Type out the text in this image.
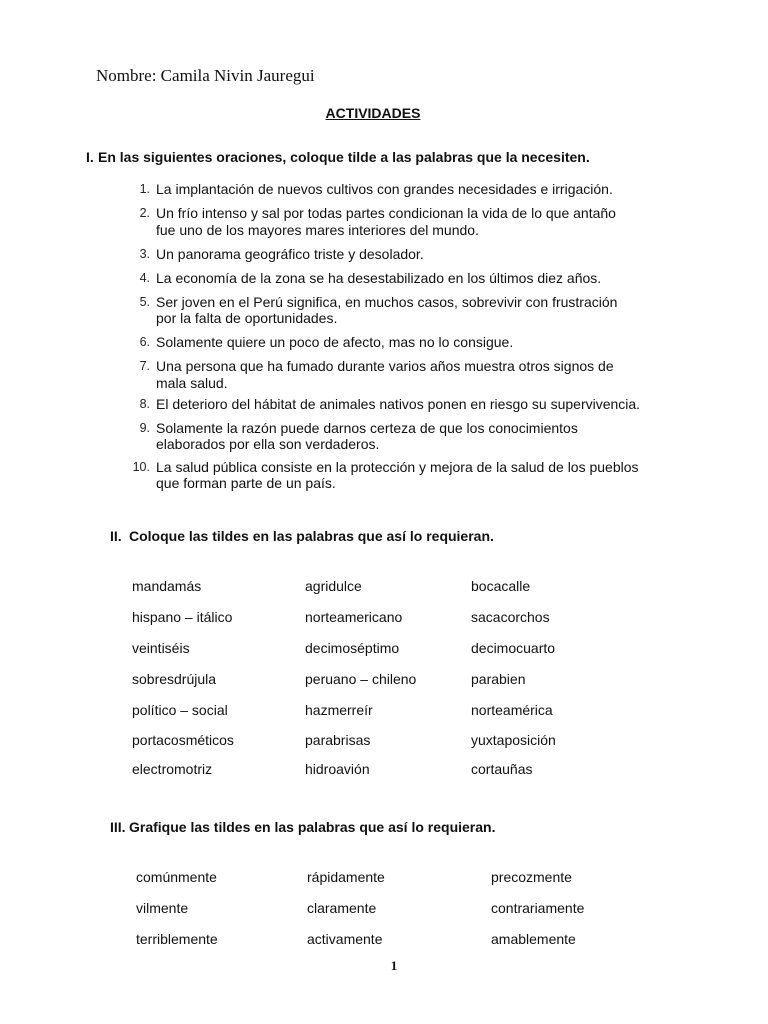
Nombre: Camila Nivin Jauregui
ACTIVIDADES
I. En las siguientes oraciones, coloque tilde a las palabras que la necesiten.
1. La implantación de nuevos cultivos con grandes necesidades e irrigación.
2. Un frío intenso y sal por todas partes condicionan la vida de lo que antaño
fue uno de los mayores mares interiores del mundo.
3. Un panorama geográfico triste y desolador.
4. La economía de la zona se ha desestabilizado en los últimos diez años.
5. Ser joven en el Perú significa, en muchos casos, sobrevivir con frustración
por la falta de oportunidades.
6. Solamente quiere un poco de afecto, mas no lo consigue.
7. Una persona que ha fumado durante varios años muestra otros signos de
mala salud.
8. El deterioro del hábitat de animales nativos ponen en riesgo su supervivencia.
9. Solamente la razón puede darnos certeza de que los conocimientos
elaborados por ella son verdaderos.
10. La salud pública consiste en la protección y mejora de la salud de los pueblos
que forman parte de un país.
II. Coloque las tildes en las palabras que así lo requieran.
mandamás	agridulce	bocacalle
hispano – itálico	norteamericano	sacacorchos
veintiséis	decimoséptimo	decimocuarto
sobresdrújula	peruano – chileno	parabien
político – social	hazmerreír	norteamérica
portacosméticos	parabrisas	yuxtaposición
electromotriz	hidroavión	cortauñas
III. Grafique las tildes en las palabras que así lo requieran.
comúnmente	rápidamente	precozmente
vilmente	claramente	contrariamente
terriblemente	activamente	amablemente
1
